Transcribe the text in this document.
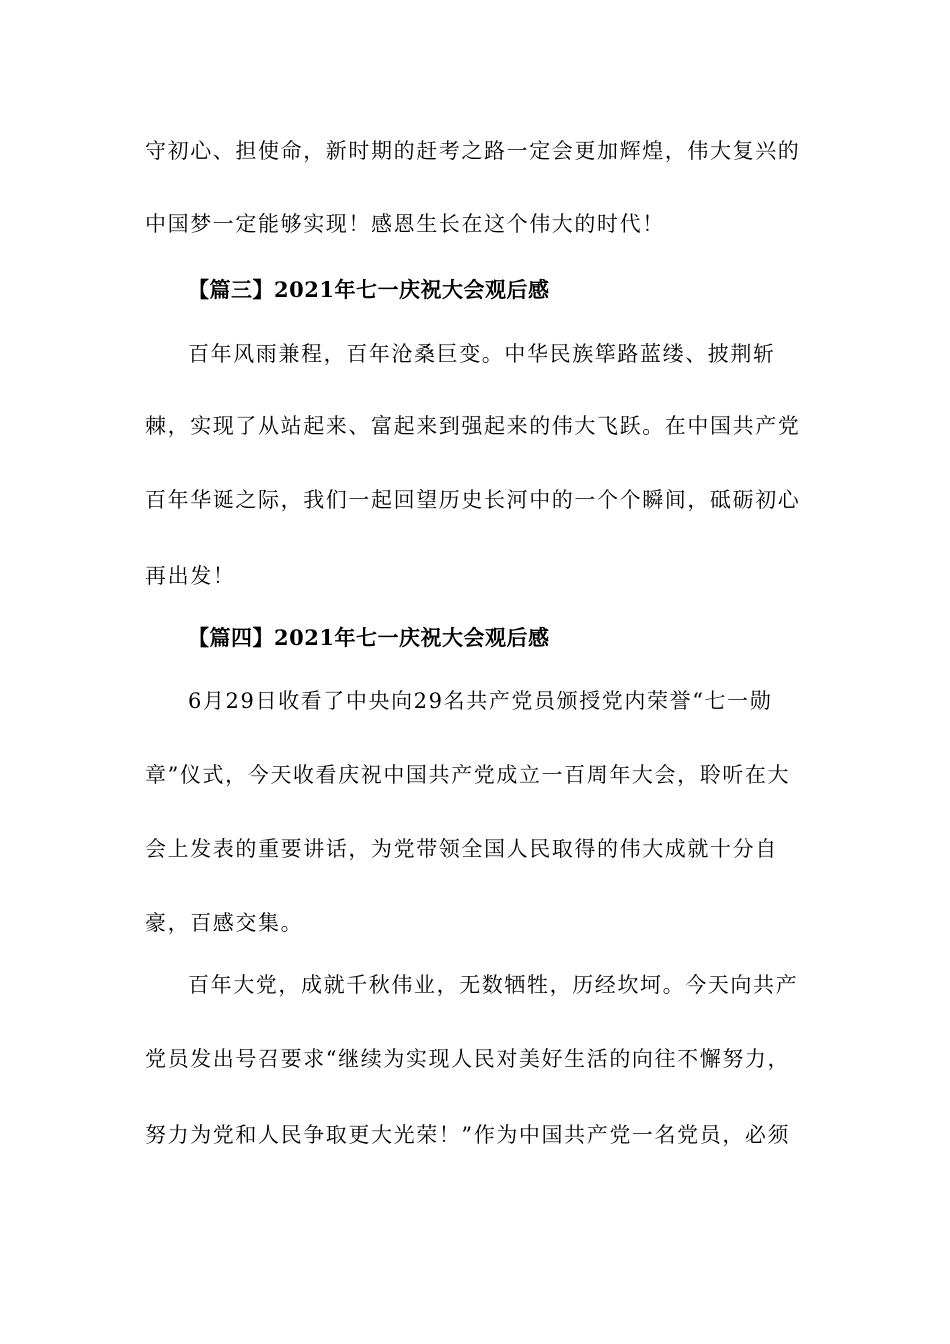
守初心、担使命，新时期的赶考之路一定会更加辉煌，伟大复兴的
中国梦一定能够实现！感恩生长在这个伟大的时代！
【篇三】2021年七一庆祝大会观后感
百年风雨兼程，百年沧桑巨变。中华民族筚路蓝缕、披荆斩
棘，实现了从站起来、富起来到强起来的伟大飞跃。在中国共产党
百年华诞之际，我们一起回望历史长河中的一个个瞬间，砥砺初心
再出发！
【篇四】2021年七一庆祝大会观后感
6月29日收看了中央向29名共产党员颁授党内荣誉“七一勋
章”仪式，今天收看庆祝中国共产党成立一百周年大会，聆听在大
会上发表的重要讲话，为党带领全国人民取得的伟大成就十分自
豪，百感交集。
百年大党，成就千秋伟业，无数牺牲，历经坎坷。今天向共产
党员发出号召要求“继续为实现人民对美好生活的向往不懈努力，
努力为党和人民争取更大光荣！”作为中国共产党一名党员，必须
